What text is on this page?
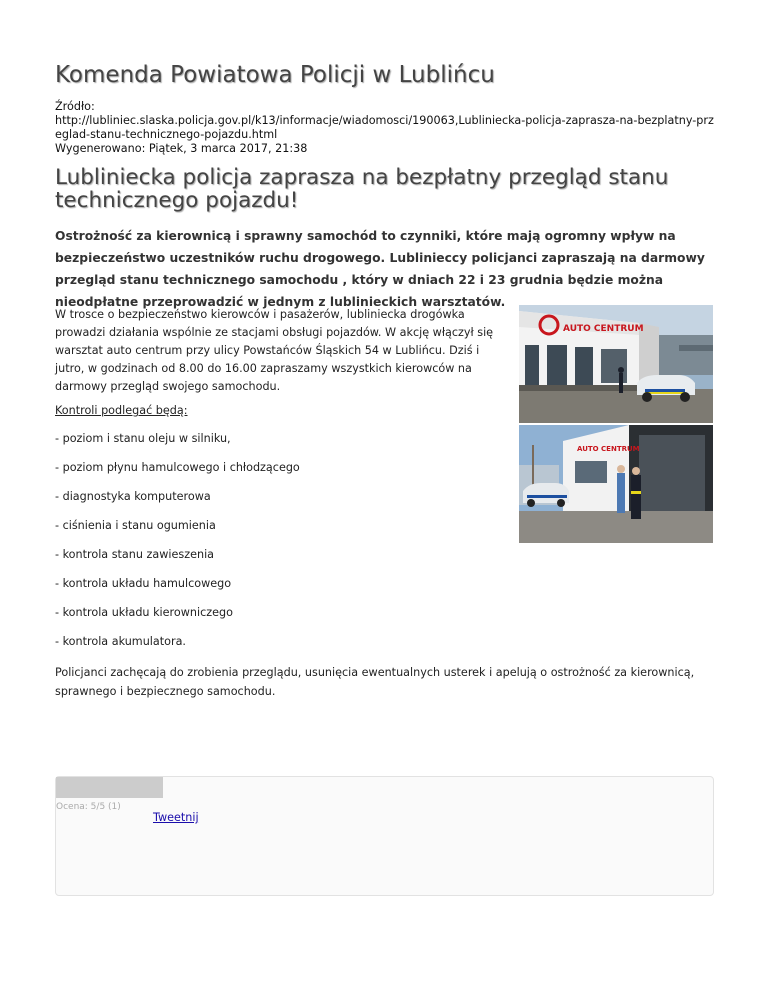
Komenda Powiatowa Policji w Lublińcu
Źródło:
http://lubliniec.slaska.policja.gov.pl/k13/informacje/wiadomosci/190063,Lubliniecka-policja-zaprasza-na-bezplatny-przeglad-stanu-technicznego-pojazdu.html
Wygenerowano: Piątek, 3 marca 2017, 21:38
Lubliniecka policja zaprasza na bezpłatny przegląd stanu technicznego pojazdu!

Ostrożność za kierownicą i sprawny samochód to czynniki, które mają ogromny wpływ na bezpieczeństwo uczestników ruchu drogowego. Lublinieccy policjanci zapraszają na darmowy przegląd stanu technicznego samochodu , który w dniach 22 i 23 grudnia będzie można nieodpłatne przeprowadzić w jednym z lublinieckich warsztatów.

W trosce o bezpieczeństwo kierowców i pasażerów, lubliniecka drogówka prowadzi działania wspólnie ze stacjami obsługi pojazdów. W akcję włączył się warsztat auto centrum przy ulicy Powstańców Śląskich 54 w Lublińcu. Dziś i jutro, w godzinach od 8.00 do 16.00 zapraszamy wszystkich kierowców na darmowy przegląd swojego samochodu.

AUTO CENTRUM
AUTO CENTRUM

Kontroli podlegać będą:

- poziom i stanu oleju w silniku,
- poziom płynu hamulcowego i chłodzącego
- diagnostyka komputerowa
- ciśnienia i stanu ogumienia
- kontrola stanu zawieszenia
- kontrola układu hamulcowego
- kontrola układu kierowniczego
- kontrola akumulatora.

Policjanci zachęcają do zrobienia przeglądu, usunięcia ewentualnych usterek i apelują o ostrożność za kierownicą, sprawnego i bezpiecznego samochodu.

Ocena: 5/5 (1)
Tweetnij
